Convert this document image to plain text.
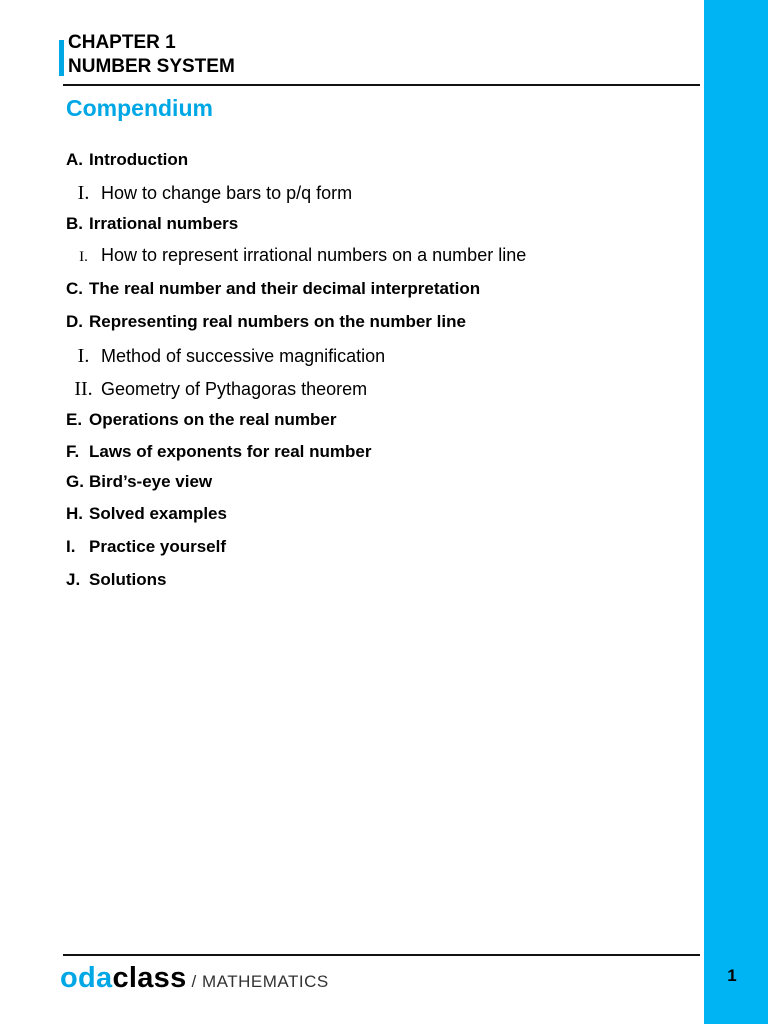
CHAPTER 1
NUMBER SYSTEM
Compendium
A. Introduction
I. How to change bars to p/q form
B. Irrational numbers
I. How to represent irrational numbers on a number line
C. The real number and their decimal interpretation
D. Representing real numbers on the number line
I. Method of successive magnification
II. Geometry of Pythagoras theorem
E. Operations on the real number
F. Laws of exponents for real number
G. Bird’s-eye view
H. Solved examples
I. Practice yourself
J. Solutions
odaclass / MATHEMATICS	1
